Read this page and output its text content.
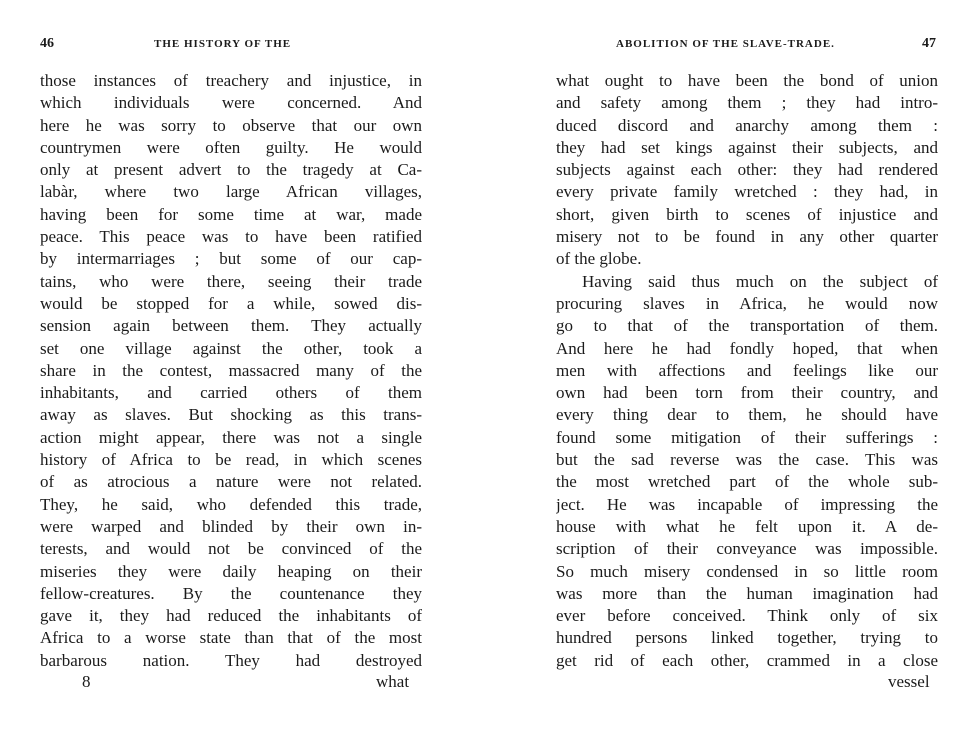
46	THE HISTORY OF THE
those instances of treachery and injustice, in
which individuals were concerned. And
here he was sorry to observe that our own
countrymen were often guilty. He would
only at present advert to the tragedy at Ca-
labàr, where two large African villages,
having been for some time at war, made
peace. This peace was to have been ratified
by intermarriages ; but some of our cap-
tains, who were there, seeing their trade
would be stopped for a while, sowed dis-
sension again between them. They actually
set one village against the other, took a
share in the contest, massacred many of the
inhabitants, and carried others of them
away as slaves. But shocking as this trans-
action might appear, there was not a single
history of Africa to be read, in which scenes
of as atrocious a nature were not related.
They, he said, who defended this trade,
were warped and blinded by their own in-
terests, and would not be convinced of the
miseries they were daily heaping on their
fellow-creatures. By the countenance they
gave it, they had reduced the inhabitants of
Africa to a worse state than that of the most
barbarous nation. They had destroyed
8	what
ABOLITION OF THE SLAVE-TRADE.	47
what ought to have been the bond of union
and safety among them ; they had intro-
duced discord and anarchy among them :
they had set kings against their subjects, and
subjects against each other: they had rendered
every private family wretched : they had, in
short, given birth to scenes of injustice and
misery not to be found in any other quarter
of the globe.
Having said thus much on the subject of
procuring slaves in Africa, he would now
go to that of the transportation of them.
And here he had fondly hoped, that when
men with affections and feelings like our
own had been torn from their country, and
every thing dear to them, he should have
found some mitigation of their sufferings :
but the sad reverse was the case. This was
the most wretched part of the whole sub-
ject. He was incapable of impressing the
house with what he felt upon it. A de-
scription of their conveyance was impossible.
So much misery condensed in so little room
was more than the human imagination had
ever before conceived. Think only of six
hundred persons linked together, trying to
get rid of each other, crammed in a close
vessel
